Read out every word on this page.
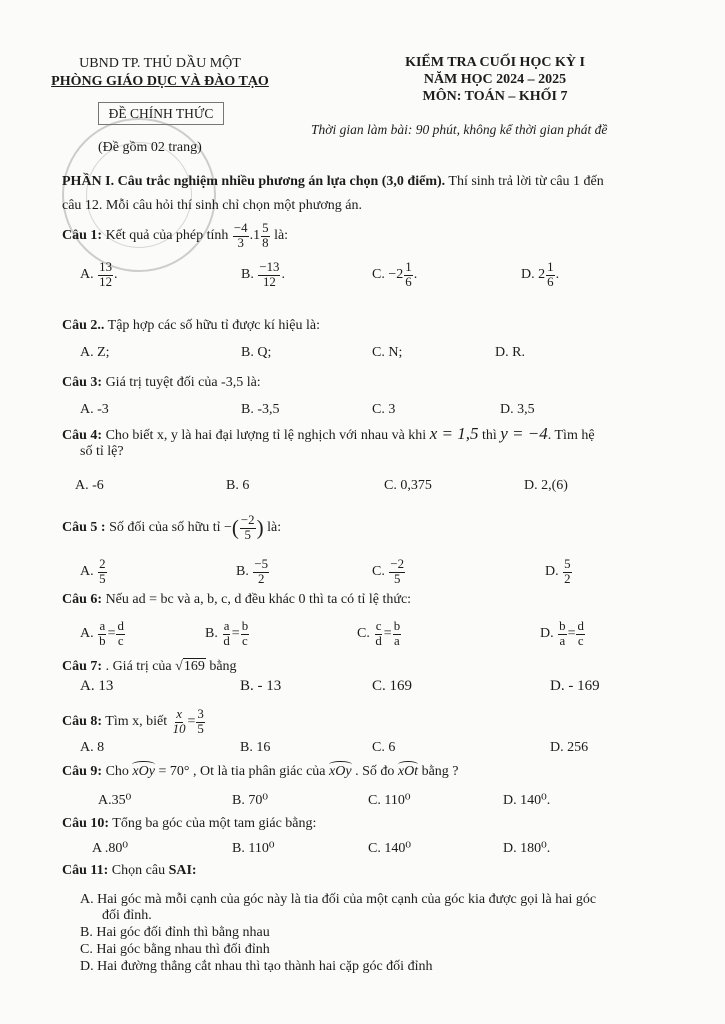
UBND TP. THỦ DẦU MỘT
PHÒNG GIÁO DỤC VÀ ĐÀO TẠO
ĐỀ CHÍNH THỨC
(Đề gồm 02 trang)
KIỂM TRA CUỐI HỌC KỲ I
NĂM HỌC 2024 – 2025
MÔN: TOÁN – KHỐI 7
Thời gian làm bài: 90 phút, không kể thời gian phát đề
PHẦN I. Câu trắc nghiệm nhiều phương án lựa chọn (3,0 điểm). Thí sinh trả lời từ câu 1 đến
câu 12. Mỗi câu hỏi thí sinh chỉ chọn một phương án.
Câu 1: Kết quả của phép tính $\frac{-4}{3} .1 \frac{5}{8}$ là:
A. $\frac{13}{12}$ .	B. $\frac{-13}{12}$ .	C. $-2 \frac{1}{6}$ .	D. $2 \frac{1}{6}$ .
Câu 2.. Tập hợp các số hữu tỉ được kí hiệu là:
A. Z;	B. Q;	C. N;	D. R.
Câu 3: Giá trị tuyệt đối của -3,5 là:
A. -3	B. -3,5	C. 3	D. 3,5
Câu 4: Cho biết x, y là hai đại lượng tỉ lệ nghịch với nhau và khi x = 1,5 thì y = −4. Tìm hệ
số tỉ lệ?
A. -6	B. 6	C. 0,375	D. 2,(6)
Câu 5 : Số đối của số hữu tỉ −( $\frac{-2}{5}$ ) là:
A. $\frac{2}{5}$	B. $\frac{-5}{2}$	C. $\frac{-2}{5}$	D. $\frac{5}{2}$
Câu 6: Nếu ad = bc và a, b, c, d đều khác 0 thì ta có tỉ lệ thức:
A. $\frac{a}{b} = \frac{d}{c}$	B. $\frac{a}{d} = \frac{b}{c}$	C. $\frac{c}{d} = \frac{b}{a}$	D. $\frac{b}{a} = \frac{d}{c}$
Câu 7: . Giá trị của √169 bằng
A. 13	B. - 13	C. 169	D. - 169
Câu 8: Tìm x, biết $\frac{x}{10} = \frac{3}{5}$
A. 8	B. 16	C. 6	D. 256
Câu 9: Cho xOy = 70° , Ot là tia phân giác của xOy . Số đo xOt bằng ?
A.35⁰	B. 70⁰	C. 110⁰	D. 140⁰.
Câu 10: Tổng ba góc của một tam giác bằng:
A .80⁰	B. 110⁰	C. 140⁰	D. 180⁰.
Câu 11: Chọn câu SAI:
A. Hai góc mà mỗi cạnh của góc này là tia đối của một cạnh của góc kia được gọi là hai góc
đối đỉnh.
B. Hai góc đối đỉnh thì bằng nhau
C. Hai góc bằng nhau thì đối đỉnh
D. Hai đường thẳng cắt nhau thì tạo thành hai cặp góc đối đỉnh
